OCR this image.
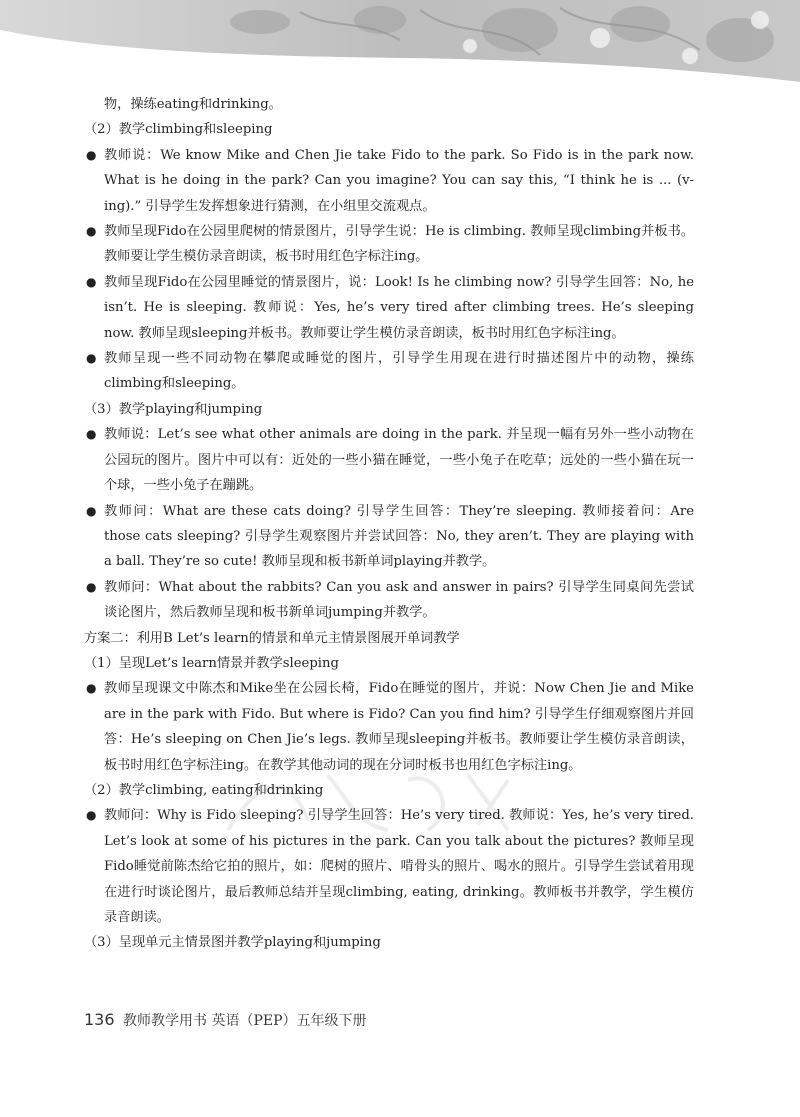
物，操练eating和drinking。

（2）教学climbing和sleeping

● 教师说：We know Mike and Chen Jie take Fido to the park. So Fido is in the park now. What is he doing in the park? Can you imagine? You can say this, “I think he is ... (v-ing).” 引导学生发挥想象进行猜测，在小组里交流观点。
● 教师呈现Fido在公园里爬树的情景图片，引导学生说：He is climbing. 教师呈现climbing并板书。教师要让学生模仿录音朗读，板书时用红色字标注ing。
● 教师呈现Fido在公园里睡觉的情景图片，说：Look! Is he climbing now? 引导学生回答：No, he isn’t. He is sleeping. 教师说：Yes, he’s very tired after climbing trees. He’s sleeping now. 教师呈现sleeping并板书。教师要让学生模仿录音朗读，板书时用红色字标注ing。
● 教师呈现一些不同动物在攀爬或睡觉的图片，引导学生用现在进行时描述图片中的动物，操练climbing和sleeping。

（3）教学playing和jumping

● 教师说：Let’s see what other animals are doing in the park. 并呈现一幅有另外一些小动物在公园玩的图片。图片中可以有：近处的一些小猫在睡觉，一些小兔子在吃草；远处的一些小猫在玩一个球，一些小兔子在蹦跳。
● 教师问：What are these cats doing? 引导学生回答：They’re sleeping. 教师接着问：Are those cats sleeping? 引导学生观察图片并尝试回答：No, they aren’t. They are playing with a ball. They’re so cute! 教师呈现和板书新单词playing并教学。
● 教师问：What about the rabbits? Can you ask and answer in pairs? 引导学生同桌间先尝试谈论图片，然后教师呈现和板书新单词jumping并教学。

方案二：利用B Let’s learn的情景和单元主情景图展开单词教学

（1）呈现Let’s learn情景并教学sleeping

● 教师呈现课文中陈杰和Mike坐在公园长椅，Fido在睡觉的图片，并说：Now Chen Jie and Mike are in the park with Fido. But where is Fido? Can you find him? 引导学生仔细观察图片并回答：He’s sleeping on Chen Jie’s legs. 教师呈现sleeping并板书。教师要让学生模仿录音朗读，板书时用红色字标注ing。在教学其他动词的现在分词时板书也用红色字标注ing。

（2）教学climbing, eating和drinking

● 教师问：Why is Fido sleeping? 引导学生回答：He’s very tired. 教师说：Yes, he’s very tired. Let’s look at some of his pictures in the park. Can you talk about the pictures? 教师呈现Fido睡觉前陈杰给它拍的照片，如：爬树的照片、啃骨头的照片、喝水的照片。引导学生尝试着用现在进行时谈论图片，最后教师总结并呈现climbing, eating, drinking。教师板书并教学，学生模仿录音朗读。

（3）呈现单元主情景图并教学playing和jumping

136 教师教学用书 英语（PEP）五年级下册
